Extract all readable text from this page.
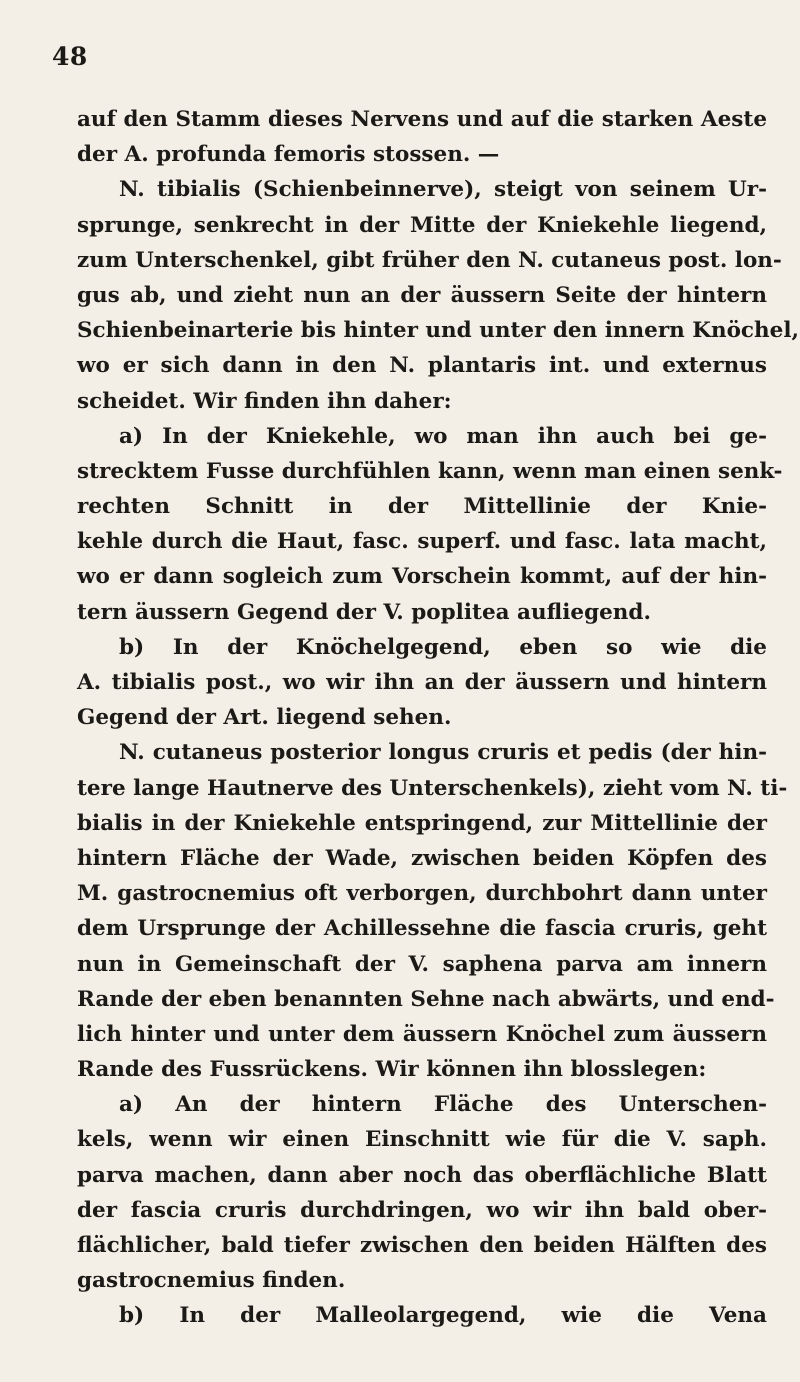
48
auf den Stamm dieses Nervens und auf die starken Aeste
der A. profunda femoris stossen. —
N. tibialis (Schienbeinnerve), steigt von seinem Ur-
sprunge, senkrecht in der Mitte der Kniekehle liegend,
zum Unterschenkel, gibt früher den N. cutaneus post. lon-
gus ab, und zieht nun an der äussern Seite der hintern
Schienbeinarterie bis hinter und unter den innern Knöchel,
wo er sich dann in den N. plantaris int. und externus
scheidet. Wir finden ihn daher:
a) In der Kniekehle, wo man ihn auch bei ge-
strecktem Fusse durchfühlen kann, wenn man einen senk-
rechten Schnitt in der Mittellinie der Knie-
kehle durch die Haut, fasc. superf. und fasc. lata macht,
wo er dann sogleich zum Vorschein kommt, auf der hin-
tern äussern Gegend der V. poplitea aufliegend.
b) In der Knöchelgegend, eben so wie die
A. tibialis post., wo wir ihn an der äussern und hintern
Gegend der Art. liegend sehen.
N. cutaneus posterior longus cruris et pedis (der hin-
tere lange Hautnerve des Unterschenkels), zieht vom N. ti-
bialis in der Kniekehle entspringend, zur Mittellinie der
hintern Fläche der Wade, zwischen beiden Köpfen des
M. gastrocnemius oft verborgen, durchbohrt dann unter
dem Ursprunge der Achillessehne die fascia cruris, geht
nun in Gemeinschaft der V. saphena parva am innern
Rande der eben benannten Sehne nach abwärts, und end-
lich hinter und unter dem äussern Knöchel zum äussern
Rande des Fussrückens. Wir können ihn blosslegen:
a) An der hintern Fläche des Unterschen-
kels, wenn wir einen Einschnitt wie für die V. saph.
parva machen, dann aber noch das oberflächliche Blatt
der fascia cruris durchdringen, wo wir ihn bald ober-
flächlicher, bald tiefer zwischen den beiden Hälften des
gastrocnemius finden.
b) In der Malleolargegend, wie die Vena
